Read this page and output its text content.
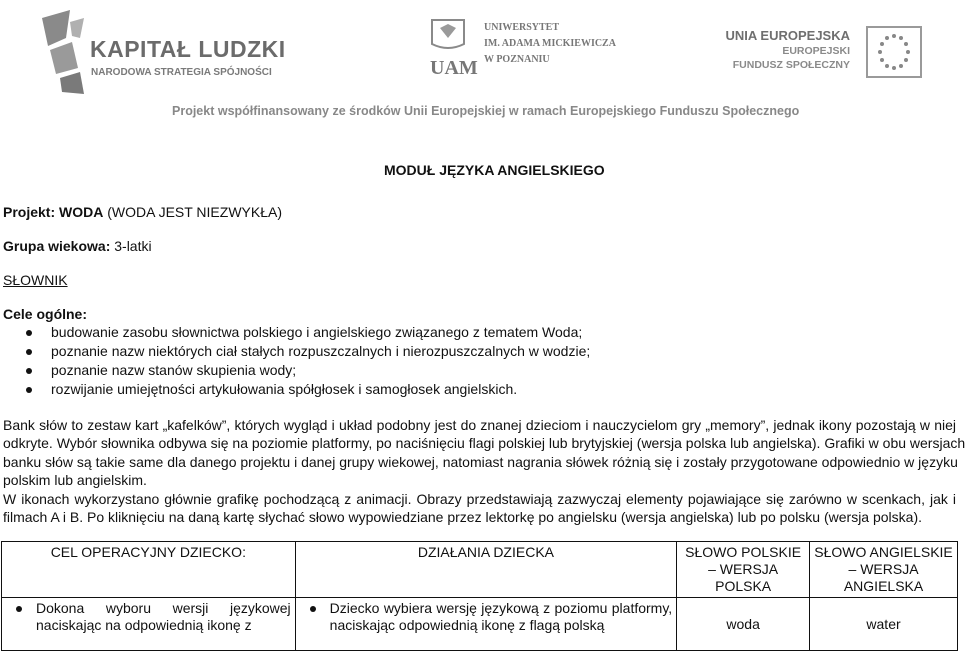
KAPITAŁ LUDZKI
NARODOWA STRATEGIA SPÓJNOŚCI	UAM
UNIWERSYTET
IM. ADAMA MICKIEWICZA
W POZNANIU
UNIA EUROPEJSKA
EUROPEJSKI
FUNDUSZ SPOŁECZNY
Projekt współfinansowany ze środków Unii Europejskiej w ramach Europejskiego Funduszu Społecznego
MODUŁ JĘZYKA ANGIELSKIEGO
Projekt: WODA (WODA JEST NIEZWYKŁA)
Grupa wiekowa: 3-latki
SŁOWNIK
Cele ogólne:
budowanie zasobu słownictwa polskiego i angielskiego związanego z tematem Woda;
poznanie nazw niektórych ciał stałych rozpuszczalnych i nierozpuszczalnych w wodzie;
poznanie nazw stanów skupienia wody;
rozwijanie umiejętności artykułowania spółgłosek i samogłosek angielskich.
Bank słów to zestaw kart „kafelków”, których wygląd i układ podobny jest do znanej dzieciom i nauczycielom gry „memory”, jednak ikony pozostają w niej
odkryte. Wybór słownika odbywa się na poziomie platformy, po naciśnięciu flagi polskiej lub brytyjskiej (wersja polska lub angielska). Grafiki w obu wersjach
banku słów są takie same dla danego projektu i danej grupy wiekowej, natomiast nagrania słówek różnią się i zostały przygotowane odpowiednio w języku
polskim lub angielskim.
W ikonach wykorzystano głównie grafikę pochodzącą z animacji. Obrazy przedstawiają zazwyczaj elementy pojawiające się zarówno w scenkach, jak i
filmach A i B. Po kliknięciu na daną kartę słychać słowo wypowiedziane przez lektorkę po angielsku (wersja angielska) lub po polsku (wersja polska).
CEL OPERACYJNY DZIECKO:	DZIAŁANIA DZIECKA	SŁOWO POLSKIE – WERSJA POLSKA	SŁOWO ANGIELSKIE – WERSJA ANGIELSKA

Dokona wyboru wersji językowej naciskając na odpowiednią ikonę z	Dziecko wybiera wersję językową z poziomu platformy, naciskając odpowiednią ikonę z flagą polską	woda	water
